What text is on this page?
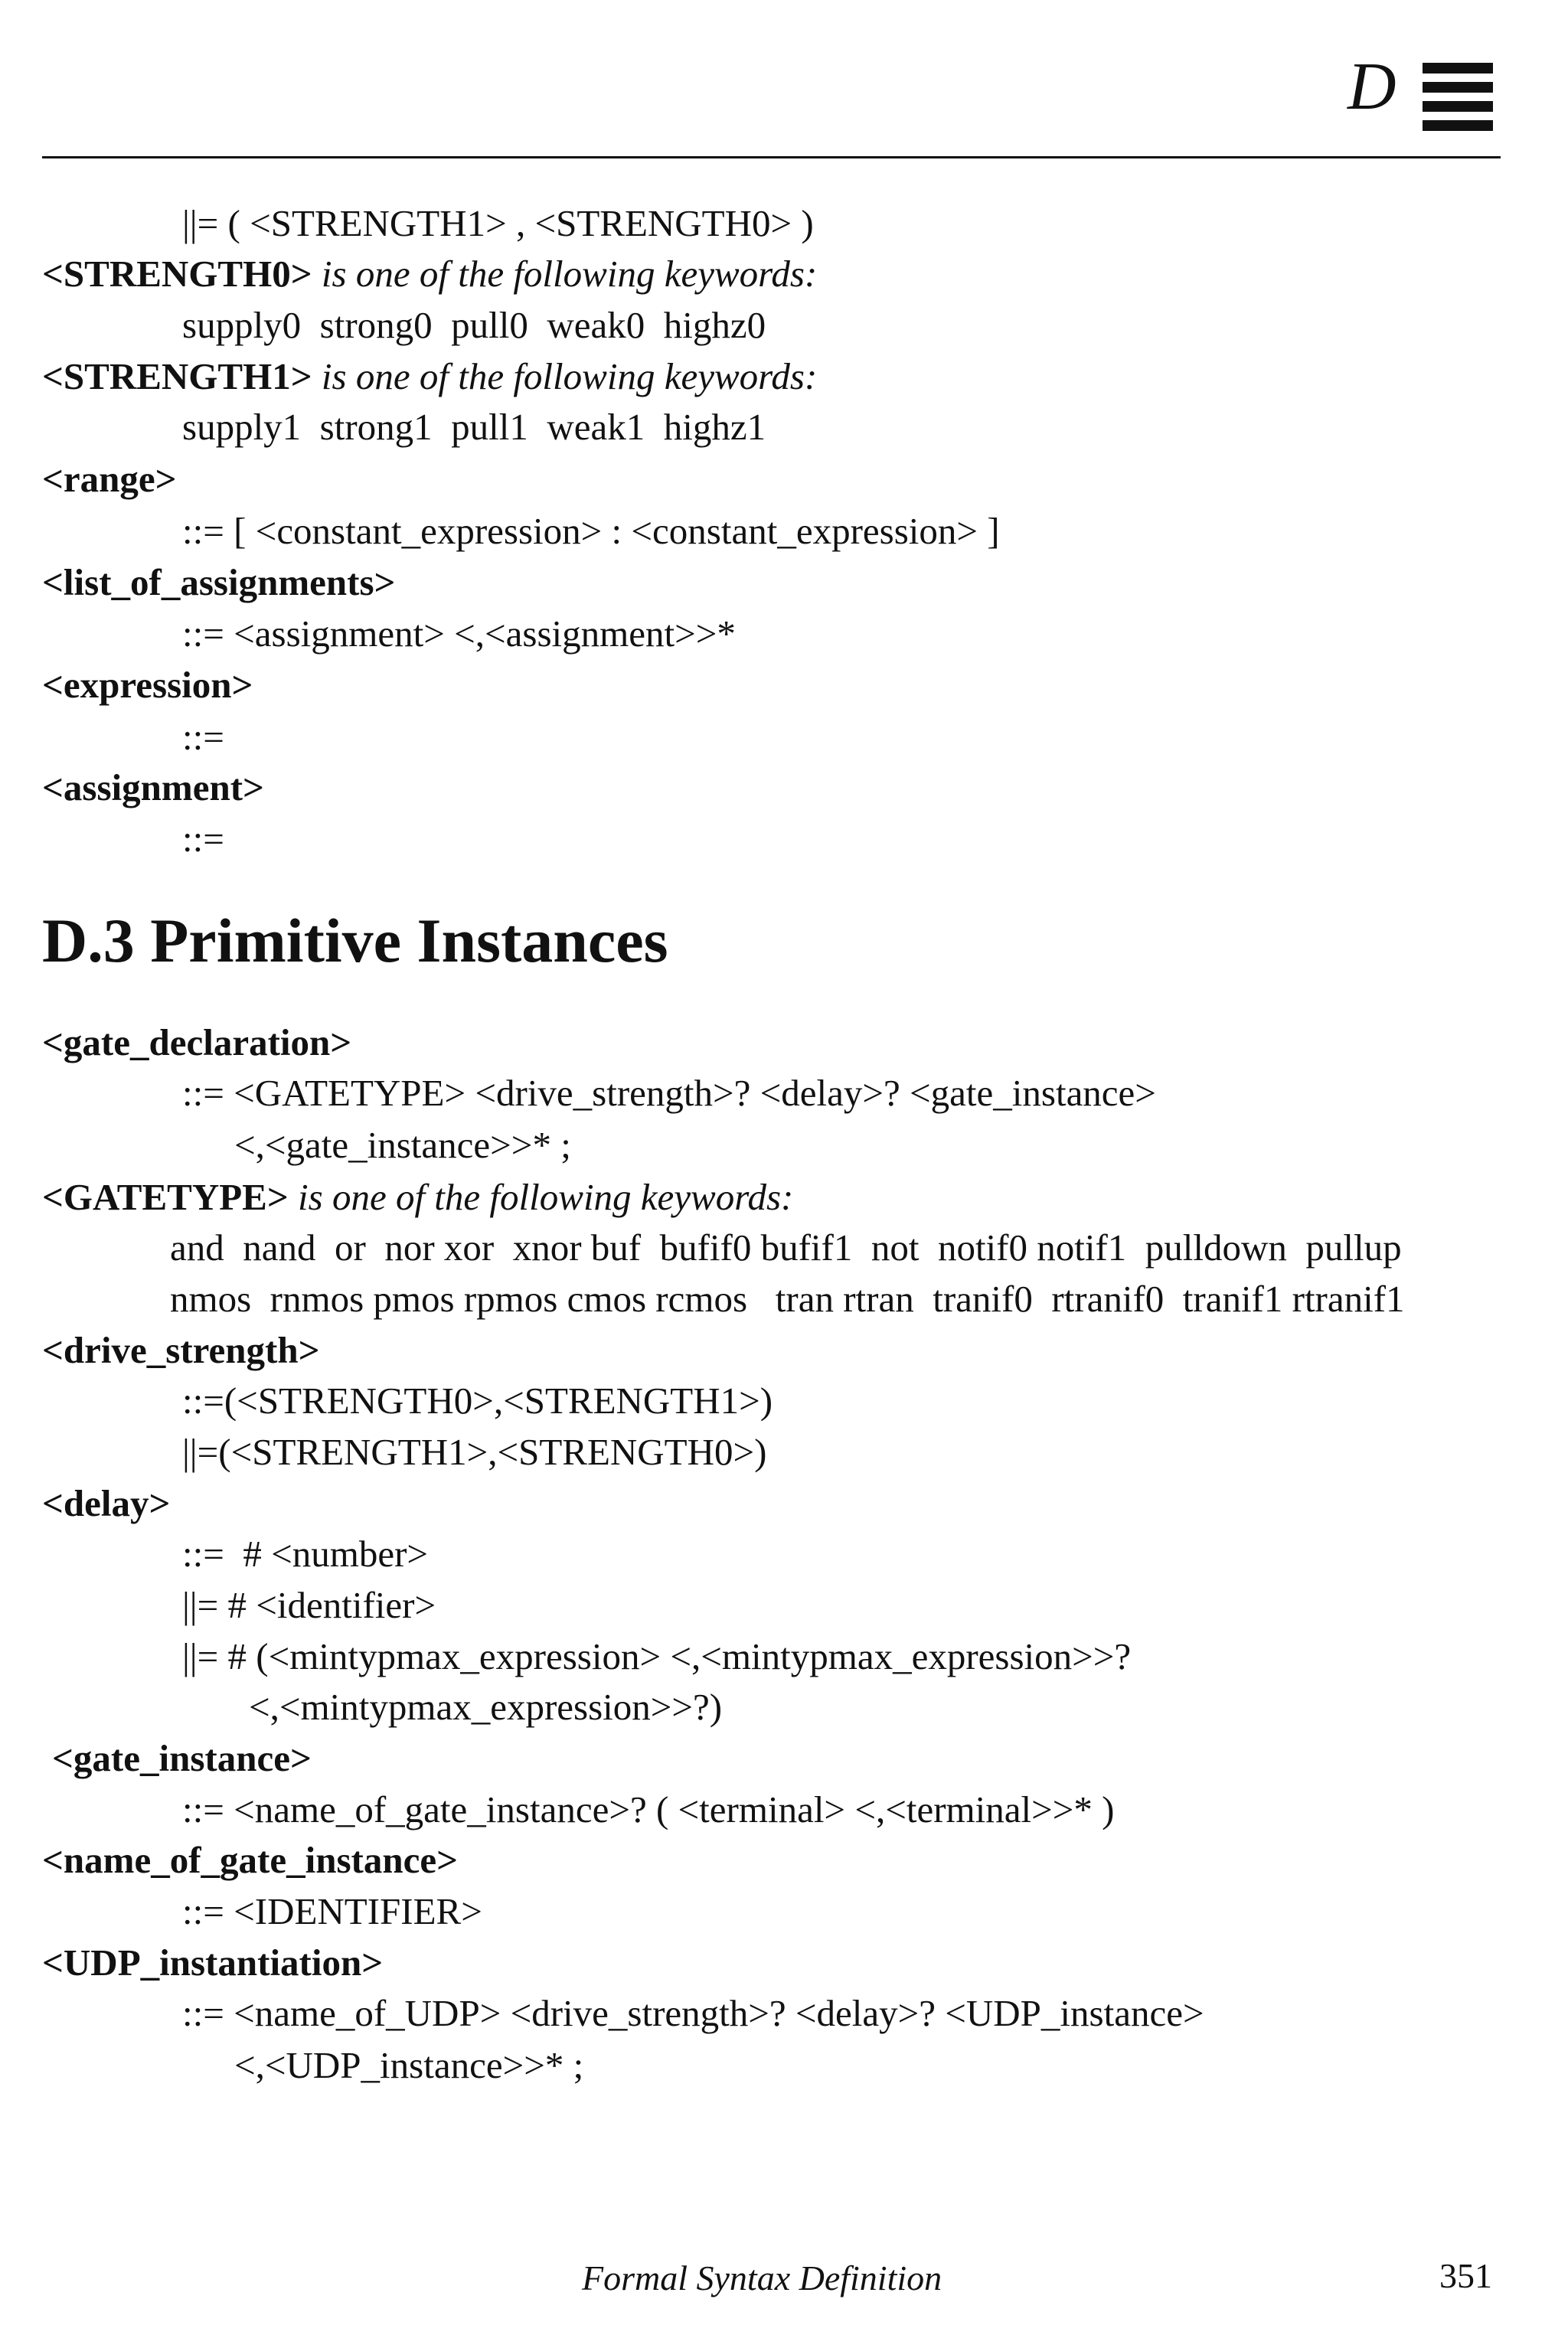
D
||= ( <STRENGTH1> , <STRENGTH0> )
<STRENGTH0> is one of the following keywords:
supply0  strong0  pull0  weak0  highz0
<STRENGTH1> is one of the following keywords:
supply1  strong1  pull1  weak1  highz1
<range>
::= [ <constant_expression> : <constant_expression> ]
<list_of_assignments>
::= <assignment> <,<assignment>>*
<expression>
::=
<assignment>
::=
D.3 Primitive Instances
<gate_declaration>
::= <GATETYPE> <drive_strength>? <delay>? <gate_instance>
<,<gate_instance>>* ;
<GATETYPE> is one of the following keywords:
and  nand  or  nor xor  xnor buf  bufif0 bufif1  not  notif0 notif1  pulldown  pullup
nmos  rnmos pmos rpmos cmos rcmos   tran rtran  tranif0  rtranif0  tranif1 rtranif1
<drive_strength>
::=(<STRENGTH0>,<STRENGTH1>)
||=(<STRENGTH1>,<STRENGTH0>)
<delay>
::=  # <number>
||= # <identifier>
||= # (<mintypmax_expression> <,<mintypmax_expression>>?
<,<mintypmax_expression>>?)
<gate_instance>
::= <name_of_gate_instance>? ( <terminal> <,<terminal>>* )
<name_of_gate_instance>
::= <IDENTIFIER>
<UDP_instantiation>
::= <name_of_UDP> <drive_strength>? <delay>? <UDP_instance>
<,<UDP_instance>>* ;
Formal Syntax Definition	351
